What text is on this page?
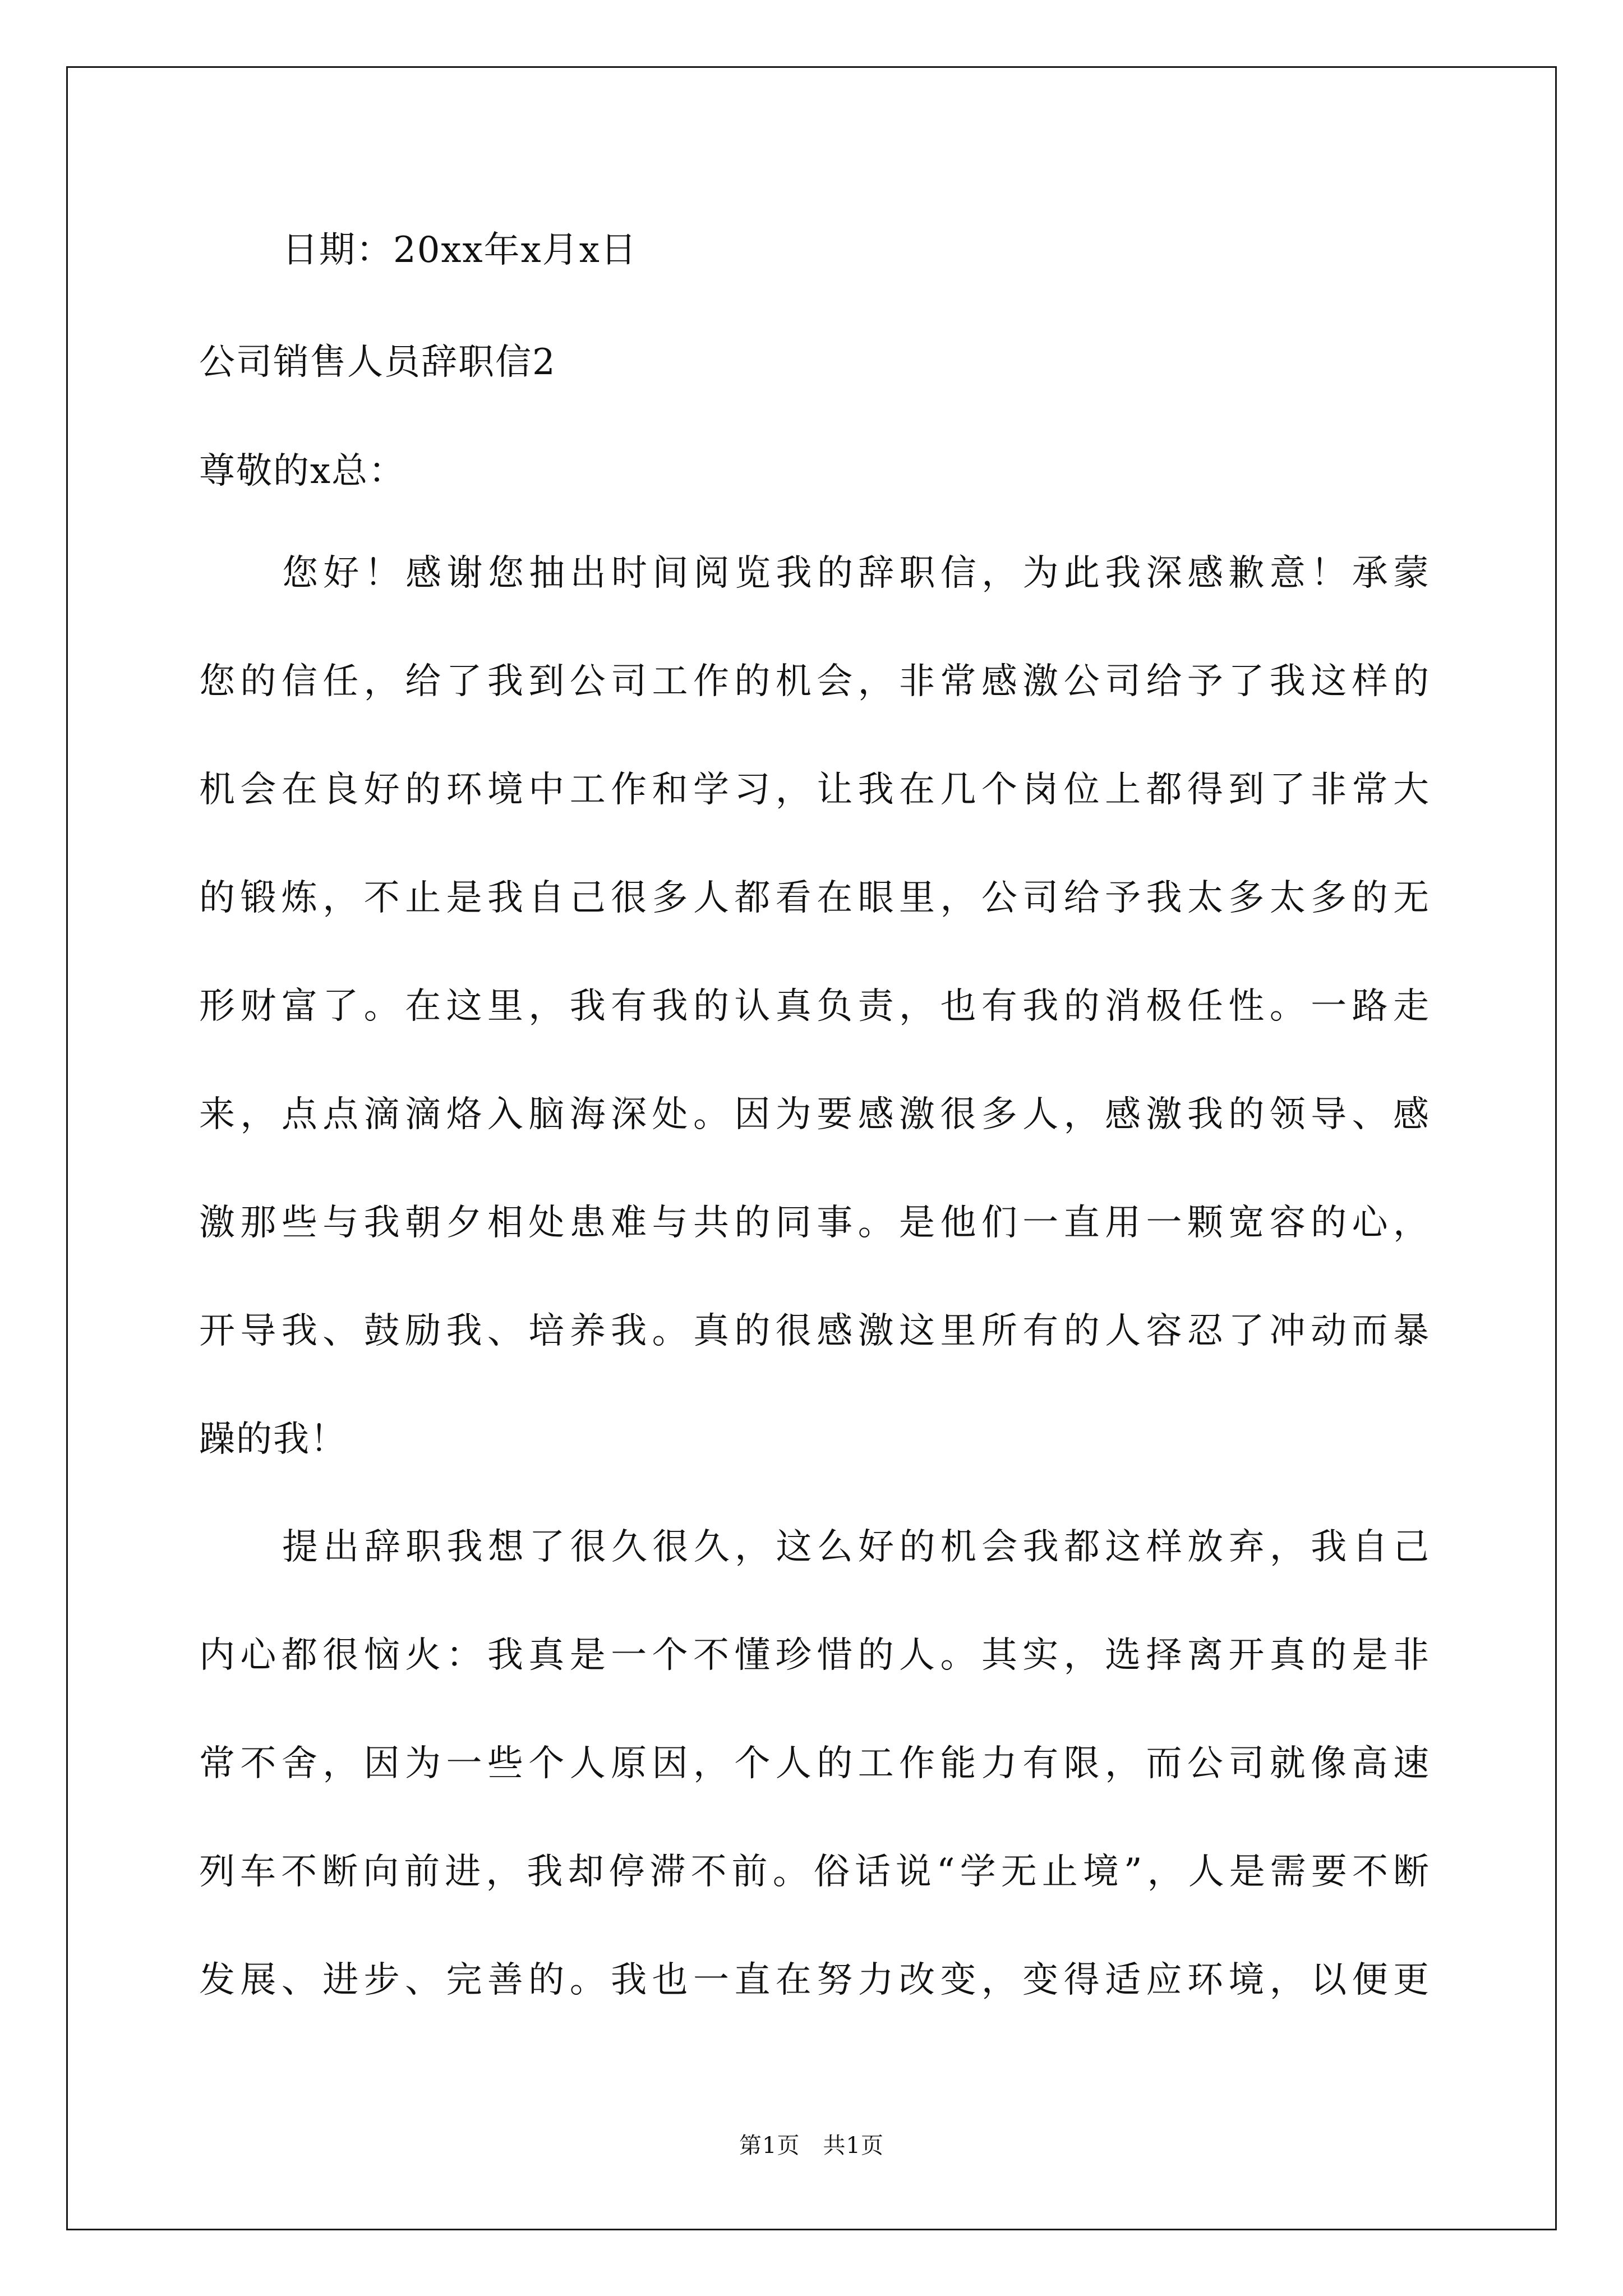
日期：20xx年x月x日
公司销售人员辞职信2
尊敬的x总：
您好！感谢您抽出时间阅览我的辞职信，为此我深感歉意！承蒙
您的信任，给了我到公司工作的机会，非常感激公司给予了我这样的
机会在良好的环境中工作和学习，让我在几个岗位上都得到了非常大
的锻炼，不止是我自己很多人都看在眼里，公司给予我太多太多的无
形财富了。在这里，我有我的认真负责，也有我的消极任性。一路走
来，点点滴滴烙入脑海深处。因为要感激很多人，感激我的领导、感
激那些与我朝夕相处患难与共的同事。是他们一直用一颗宽容的心，
开导我、鼓励我、培养我。真的很感激这里所有的人容忍了冲动而暴
躁的我！
提出辞职我想了很久很久，这么好的机会我都这样放弃，我自己
内心都很恼火：我真是一个不懂珍惜的人。其实，选择离开真的是非
常不舍，因为一些个人原因，个人的工作能力有限，而公司就像高速
列车不断向前进，我却停滞不前。俗话说“学无止境”，人是需要不断
发展、进步、完善的。我也一直在努力改变，变得适应环境，以便更
第1页　共1页
